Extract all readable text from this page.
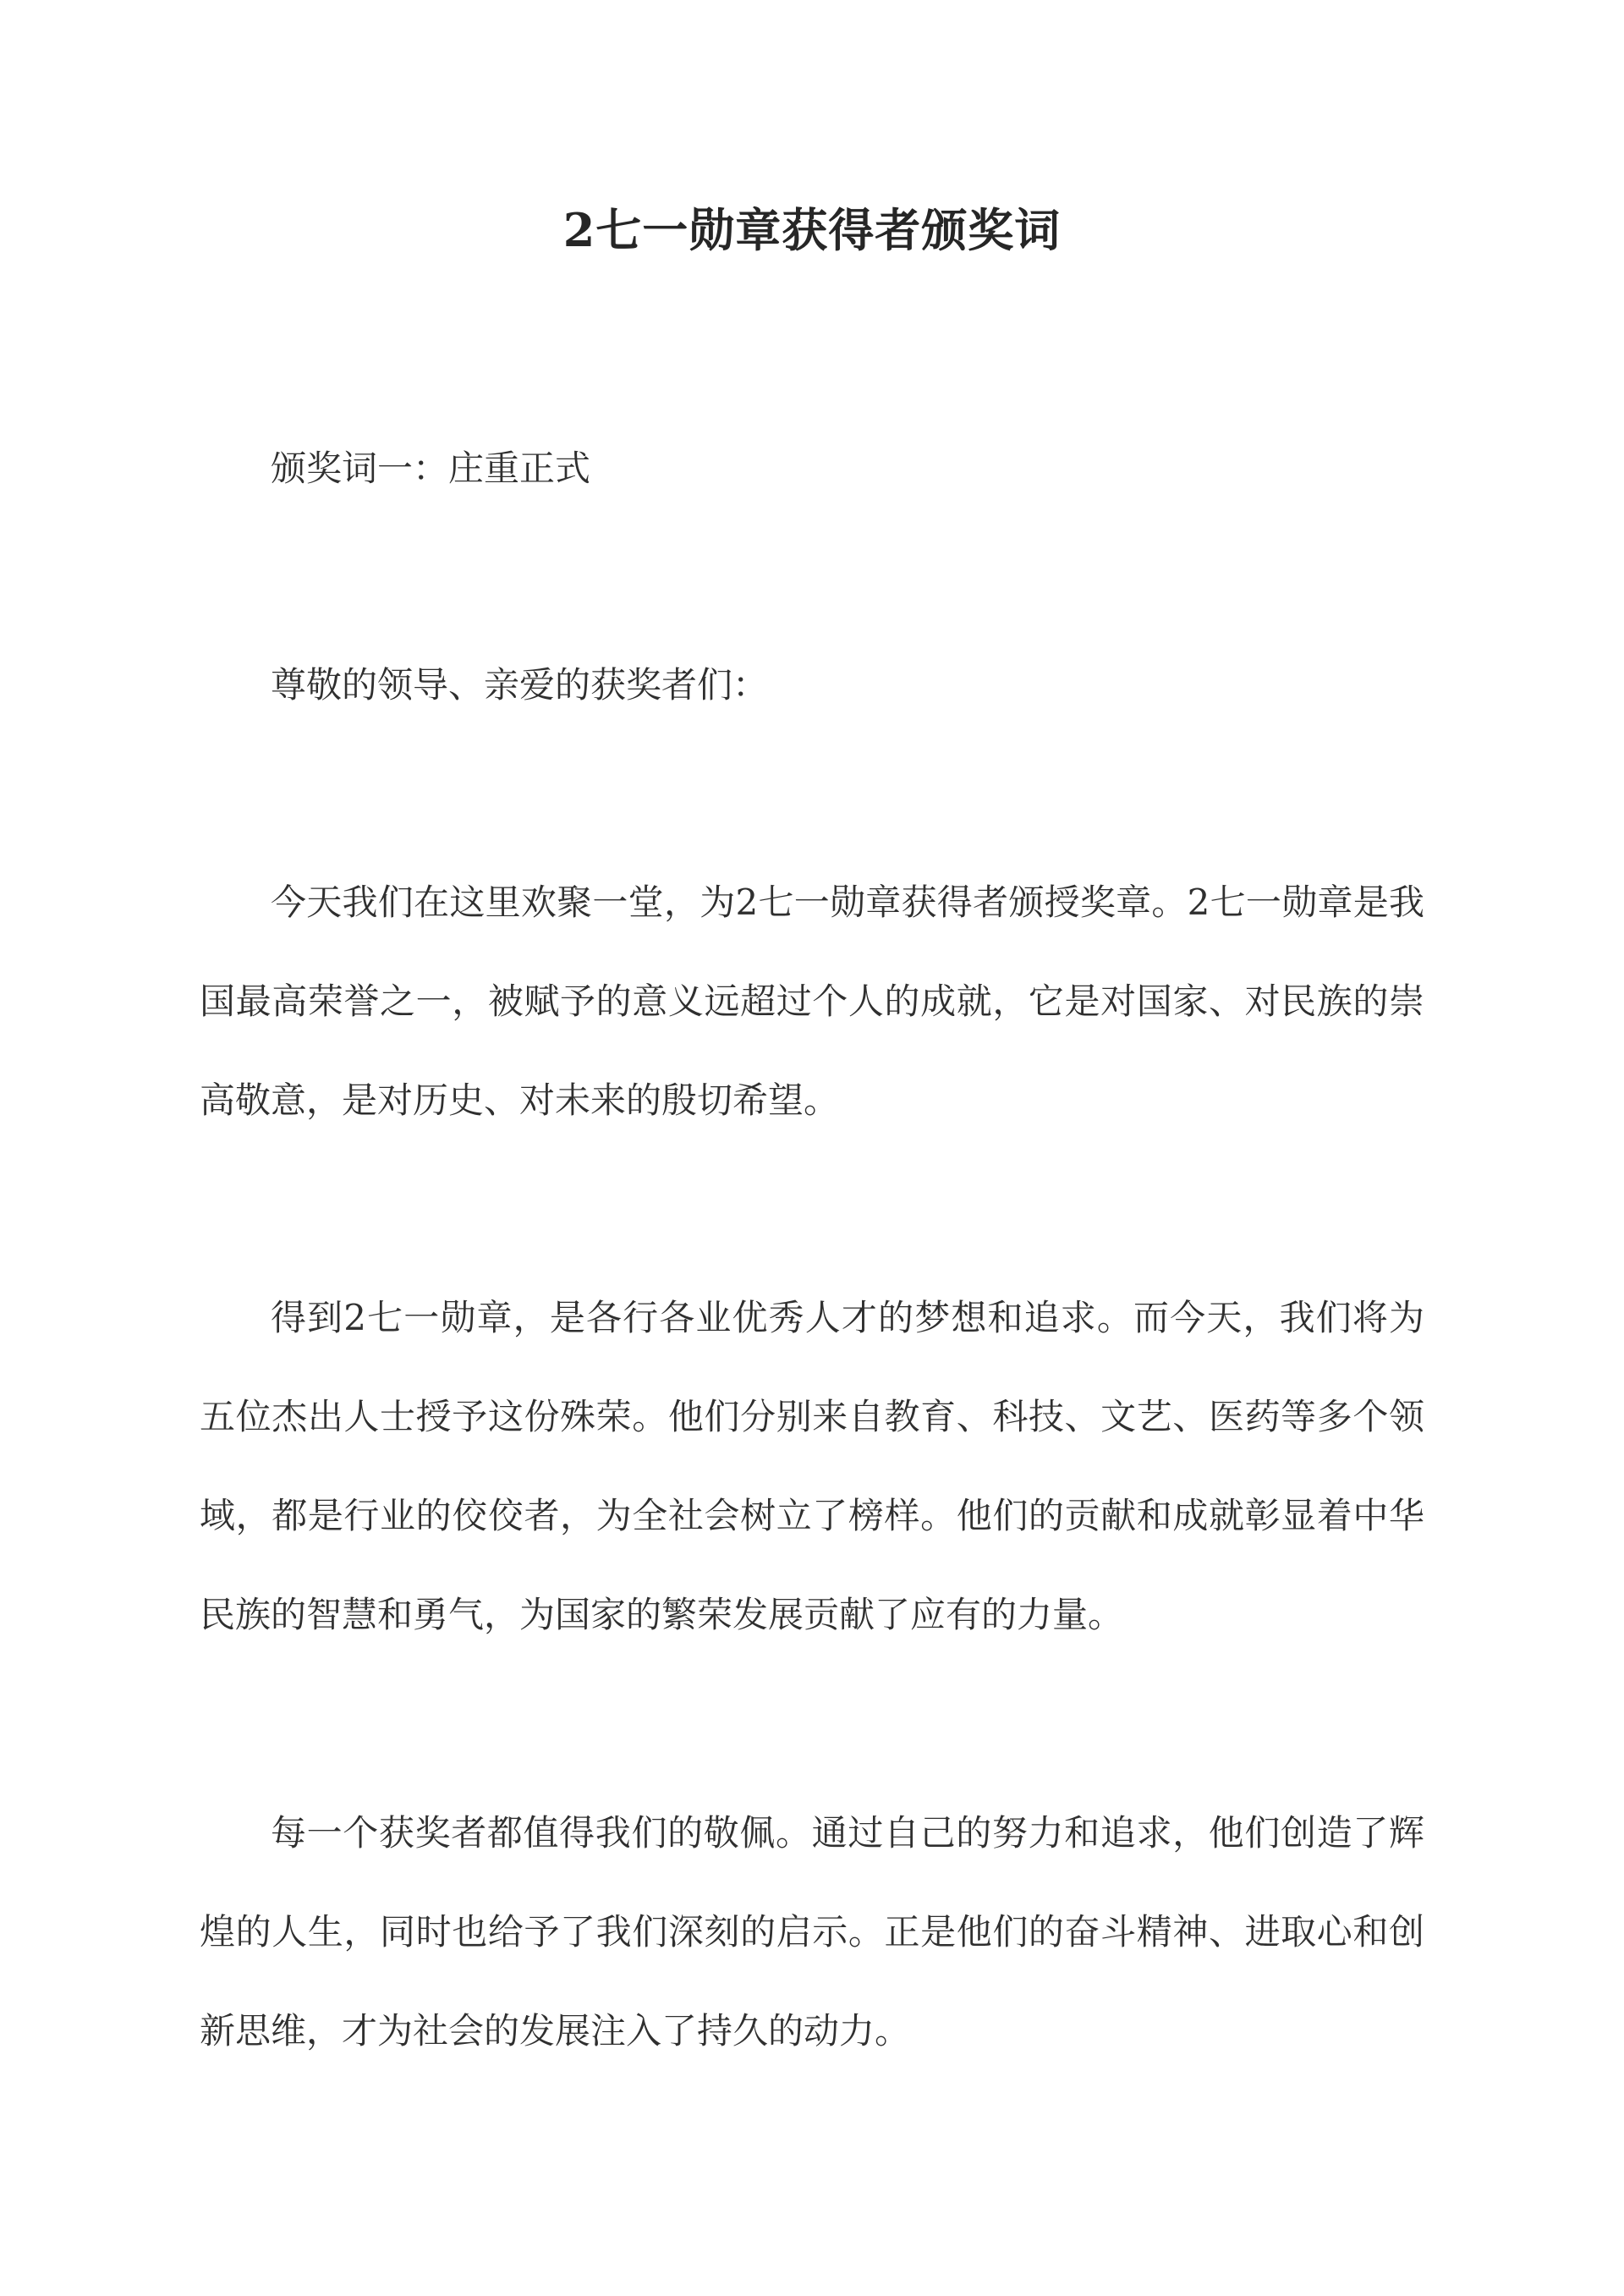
2七一勋章获得者颁奖词

颁奖词一：庄重正式

尊敬的领导、亲爱的获奖者们：

今天我们在这里欢聚一堂，为2七一勋章获得者颁授奖章。2七一勋章是我国最高荣誉之一，被赋予的意义远超过个人的成就，它是对国家、对民族的崇高敬意，是对历史、对未来的殷切希望。

得到2七一勋章，是各行各业优秀人才的梦想和追求。而今天，我们将为五位杰出人士授予这份殊荣。他们分别来自教育、科技、文艺、医药等多个领域，都是行业的佼佼者，为全社会树立了榜样。他们的贡献和成就彰显着中华民族的智慧和勇气，为国家的繁荣发展贡献了应有的力量。

每一个获奖者都值得我们的敬佩。通过自己的努力和追求，他们创造了辉煌的人生，同时也给予了我们深刻的启示。正是他们的奋斗精神、进取心和创新思维，才为社会的发展注入了持久的动力。
